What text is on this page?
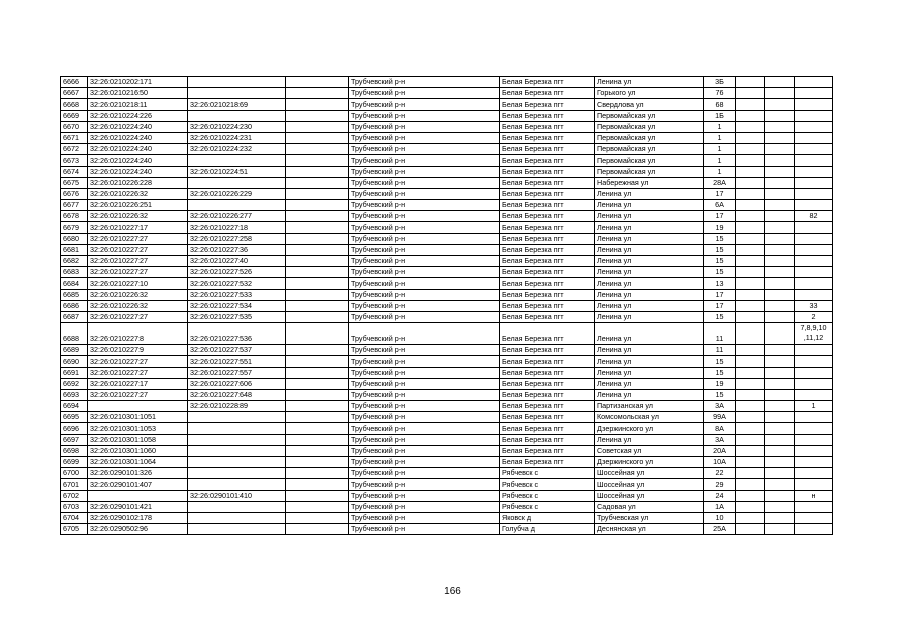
6666	32:26:0210202:171			Трубчевский р-н	Белая Березка пгт	Ленина ул	3Б			
6667	32:26:0210216:50			Трубчевский р-н	Белая Березка пгт	Горького ул	76			
6668	32:26:0210218:11	32:26:0210218:69		Трубчевский р-н	Белая Березка пгт	Свердлова ул	68			
6669	32:26:0210224:226			Трубчевский р-н	Белая Березка пгт	Первомайская ул	1Б			
6670	32:26:0210224:240	32:26:0210224:230		Трубчевский р-н	Белая Березка пгт	Первомайская ул	1			
6671	32:26:0210224:240	32:26:0210224:231		Трубчевский р-н	Белая Березка пгт	Первомайская ул	1			
6672	32:26:0210224:240	32:26:0210224:232		Трубчевский р-н	Белая Березка пгт	Первомайская ул	1			
6673	32:26:0210224:240			Трубчевский р-н	Белая Березка пгт	Первомайская ул	1			
6674	32:26:0210224:240	32:26:0210224:51		Трубчевский р-н	Белая Березка пгт	Первомайская ул	1			
6675	32:26:0210226:228			Трубчевский р-н	Белая Березка пгт	Набережная ул	28А			
6676	32:26:0210226:32	32:26:0210226:229		Трубчевский р-н	Белая Березка пгт	Ленина ул	17			
6677	32:26:0210226:251			Трубчевский р-н	Белая Березка пгт	Ленина ул	6А			
6678	32:26:0210226:32	32:26:0210226:277		Трубчевский р-н	Белая Березка пгт	Ленина ул	17			82
6679	32:26:0210227:17	32:26:0210227:18		Трубчевский р-н	Белая Березка пгт	Ленина ул	19			
6680	32:26:0210227:27	32:26:0210227:258		Трубчевский р-н	Белая Березка пгт	Ленина ул	15			
6681	32:26:0210227:27	32:26:0210227:36		Трубчевский р-н	Белая Березка пгт	Ленина ул	15			
6682	32:26:0210227:27	32:26:0210227:40		Трубчевский р-н	Белая Березка пгт	Ленина ул	15			
6683	32:26:0210227:27	32:26:0210227:526		Трубчевский р-н	Белая Березка пгт	Ленина ул	15			
6684	32:26:0210227:10	32:26:0210227:532		Трубчевский р-н	Белая Березка пгт	Ленина ул	13			
6685	32:26:0210226:32	32:26:0210227:533		Трубчевский р-н	Белая Березка пгт	Ленина ул	17			
6686	32:26:0210226:32	32:26:0210227:534		Трубчевский р-н	Белая Березка пгт	Ленина ул	17			33
6687	32:26:0210227:27	32:26:0210227:535		Трубчевский р-н	Белая Березка пгт	Ленина ул	15			2
6688	32:26:0210227:8	32:26:0210227:536		Трубчевский р-н	Белая Березка пгт	Ленина ул	11			7,8,9,10 ,11,12
6689	32:26:0210227:9	32:26:0210227:537		Трубчевский р-н	Белая Березка пгт	Ленина ул	11			
6690	32:26:0210227:27	32:26:0210227:551		Трубчевский р-н	Белая Березка пгт	Ленина ул	15			
6691	32:26:0210227:27	32:26:0210227:557		Трубчевский р-н	Белая Березка пгт	Ленина ул	15			
6692	32:26:0210227:17	32:26:0210227:606		Трубчевский р-н	Белая Березка пгт	Ленина ул	19			
6693	32:26:0210227:27	32:26:0210227:648		Трубчевский р-н	Белая Березка пгт	Ленина ул	15			
6694		32:26:0210228:89		Трубчевский р-н	Белая Березка пгт	Партизанская ул	3А			1
6695	32:26:0210301:1051			Трубчевский р-н	Белая Березка пгт	Комсомольская ул	99А			
6696	32:26:0210301:1053			Трубчевский р-н	Белая Березка пгт	Дзержинского ул	8А			
6697	32:26:0210301:1058			Трубчевский р-н	Белая Березка пгт	Ленина ул	3А			
6698	32:26:0210301:1060			Трубчевский р-н	Белая Березка пгт	Советская ул	20А			
6699	32:26:0210301:1064			Трубчевский р-н	Белая Березка пгт	Дзержинского ул	10А			
6700	32:26:0290101:326			Трубчевский р-н	Рябчевск с	Шоссейная ул	22			
6701	32:26:0290101:407			Трубчевский р-н	Рябчевск с	Шоссейная ул	29			
6702		32:26:0290101:410		Трубчевский р-н	Рябчевск с	Шоссейная ул	24			н
6703	32:26:0290101:421			Трубчевский р-н	Рябчевск с	Садовая ул	1А			
6704	32:26:0290102:178			Трубчевский р-н	Яковск д	Трубчевская ул	10			
6705	32:26:0290502:96			Трубчевский р-н	Голубча д	Деснянская ул	25А			
166
